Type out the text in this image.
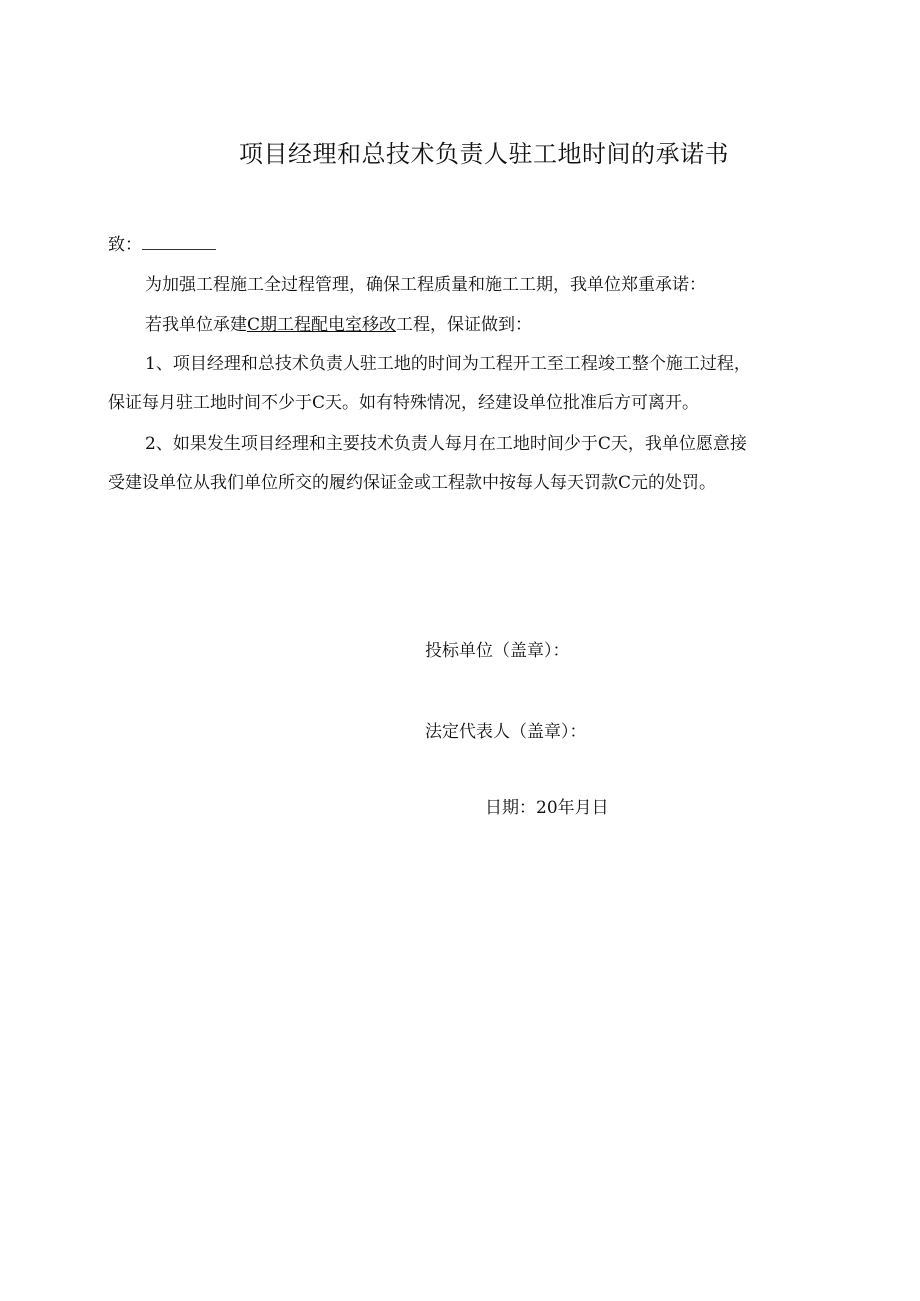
项目经理和总技术负责人驻工地时间的承诺书
致：
为加强工程施工全过程管理，确保工程质量和施工工期，我单位郑重承诺：
若我单位承建C期工程配电室移改工程，保证做到：
1、项目经理和总技术负责人驻工地的时间为工程开工至工程竣工整个施工过程，
保证每月驻工地时间不少于C天。如有特殊情况，经建设单位批准后方可离开。
2、如果发生项目经理和主要技术负责人每月在工地时间少于C天，我单位愿意接
受建设单位从我们单位所交的履约保证金或工程款中按每人每天罚款C元的处罚。
投标单位（盖章）：
法定代表人（盖章）：
日期：20年月日
